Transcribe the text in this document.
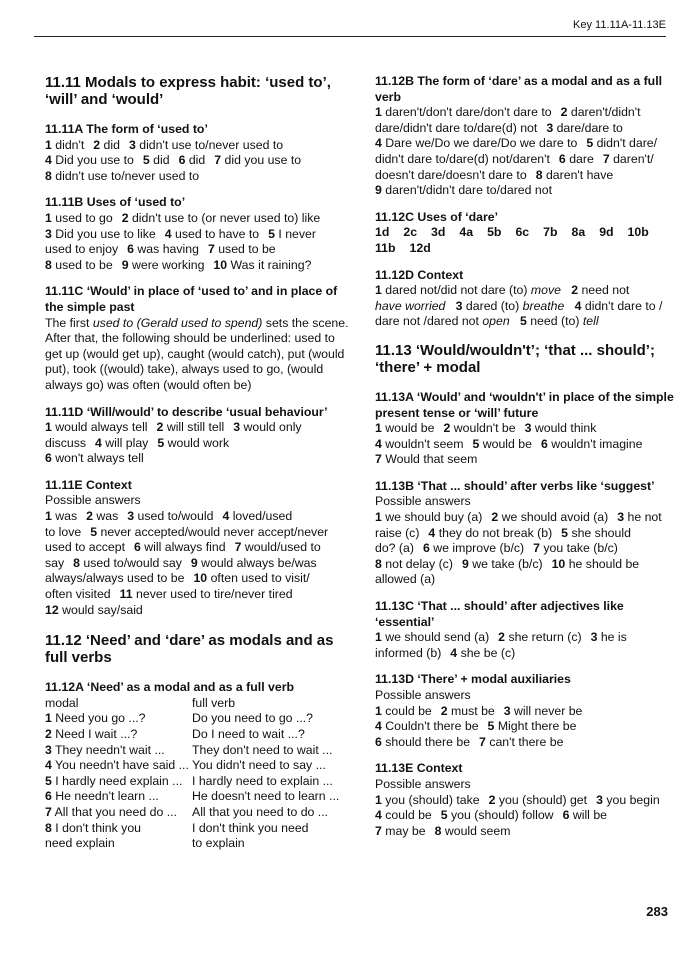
Key 11.11A-11.13E
11.11 Modals to express habit: ‘used to’, ‘will’ and ‘would’
11.11A The form of ‘used to’
1 didn't 2 did 3 didn't use to/never used to
4 Did you use to 5 did 6 did 7 did you use to
8 didn't use to/never used to
11.11B Uses of ‘used to’
1 used to go 2 didn't use to (or never used to) like
3 Did you use to like 4 used to have to 5 I never
used to enjoy 6 was having 7 used to be
8 used to be 9 were working 10 Was it raining?
11.11C ‘Would’ in place of ‘used to’ and in place of the simple past
The first used to (Gerald used to spend) sets the scene. After that, the following should be underlined: used to get up (would get up), caught (would catch), put (would put), took ((would) take), always used to go, (would always go) was often (would often be)
11.11D ‘Will/would’ to describe ‘usual behaviour’
1 would always tell 2 will still tell 3 would only
discuss 4 will play 5 would work
6 won't always tell
11.11E Context
Possible answers
1 was 2 was 3 used to/would 4 loved/used
to love 5 never accepted/would never accept/never
used to accept 6 will always find 7 would/used to
say 8 used to/would say 9 would always be/was
always/always used to be 10 often used to visit/
often visited 11 never used to tire/never tired
12 would say/said
11.12 ‘Need’ and ‘dare’ as modals and as full verbs
11.12A ‘Need’ as a modal and as a full verb
modal	full verb
1 Need you go ...?	Do you need to go ...?
2 Need I wait ...?	Do I need to wait ...?
3 They needn't wait ...	They don't need to wait ...
4 You needn't have said ...	You didn't need to say ...
5 I hardly need explain ...	I hardly need to explain ...
6 He needn't learn ...	He doesn't need to learn ...
7 All that you need do ...	All that you need to do ...
8 I don't think you	I don't think you need
need explain	to explain
11.12B The form of ‘dare’ as a modal and as a full verb
1 daren't/don't dare/don't dare to 2 daren't/didn't
dare/didn't dare to/dare(d) not 3 dare/dare to
4 Dare we/Do we dare/Do we dare to 5 didn't dare/
didn't dare to/dare(d) not/daren't 6 dare 7 daren't/
doesn't dare/doesn't dare to 8 daren't have
9 daren't/didn't dare to/dared not
11.12C Uses of ‘dare’
1d 2c 3d 4a 5b 6c 7b 8a 9d 10b
11b 12d
11.12D Context
1 dared not/did not dare (to) move 2 need not
have worried 3 dared (to) breathe 4 didn't dare to /
dare not /dared not open 5 need (to) tell
11.13 ‘Would/wouldn't’; ‘that ... should’; ‘there’ + modal
11.13A ‘Would’ and ‘wouldn't’ in place of the simple present tense or ‘will’ future
1 would be 2 wouldn't be 3 would think
4 wouldn't seem 5 would be 6 wouldn't imagine
7 Would that seem
11.13B ‘That ... should’ after verbs like ‘suggest’
Possible answers
1 we should buy (a) 2 we should avoid (a) 3 he not
raise (c) 4 they do not break (b) 5 she should
do? (a) 6 we improve (b/c) 7 you take (b/c)
8 not delay (c) 9 we take (b/c) 10 he should be
allowed (a)
11.13C ‘That ... should’ after adjectives like ‘essential’
1 we should send (a) 2 she return (c) 3 he is
informed (b) 4 she be (c)
11.13D ‘There’ + modal auxiliaries
Possible answers
1 could be 2 must be 3 will never be
4 Couldn't there be 5 Might there be
6 should there be 7 can't there be
11.13E Context
Possible answers
1 you (should) take 2 you (should) get 3 you begin
4 could be 5 you (should) follow 6 will be
7 may be 8 would seem
283
